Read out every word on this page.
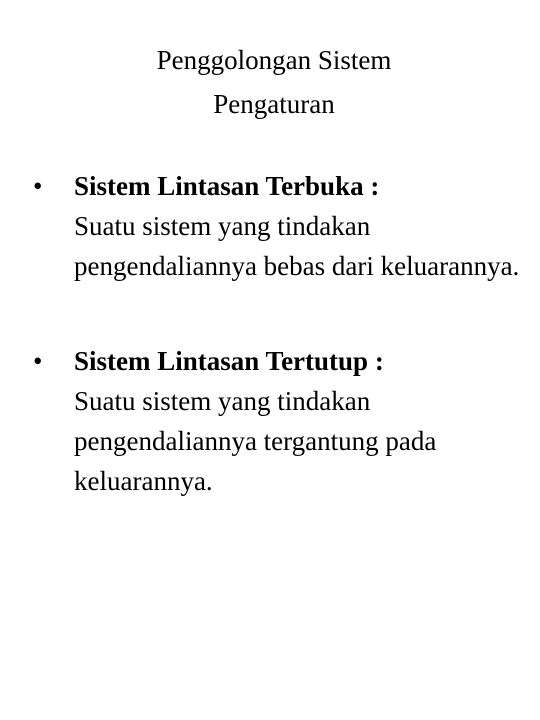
Penggolongan Sistem
Pengaturan
• Sistem Lintasan Terbuka :
Suatu sistem yang tindakan pengendaliannya bebas dari keluarannya.
• Sistem Lintasan Tertutup :
Suatu sistem yang tindakan pengendaliannya tergantung pada keluarannya.
